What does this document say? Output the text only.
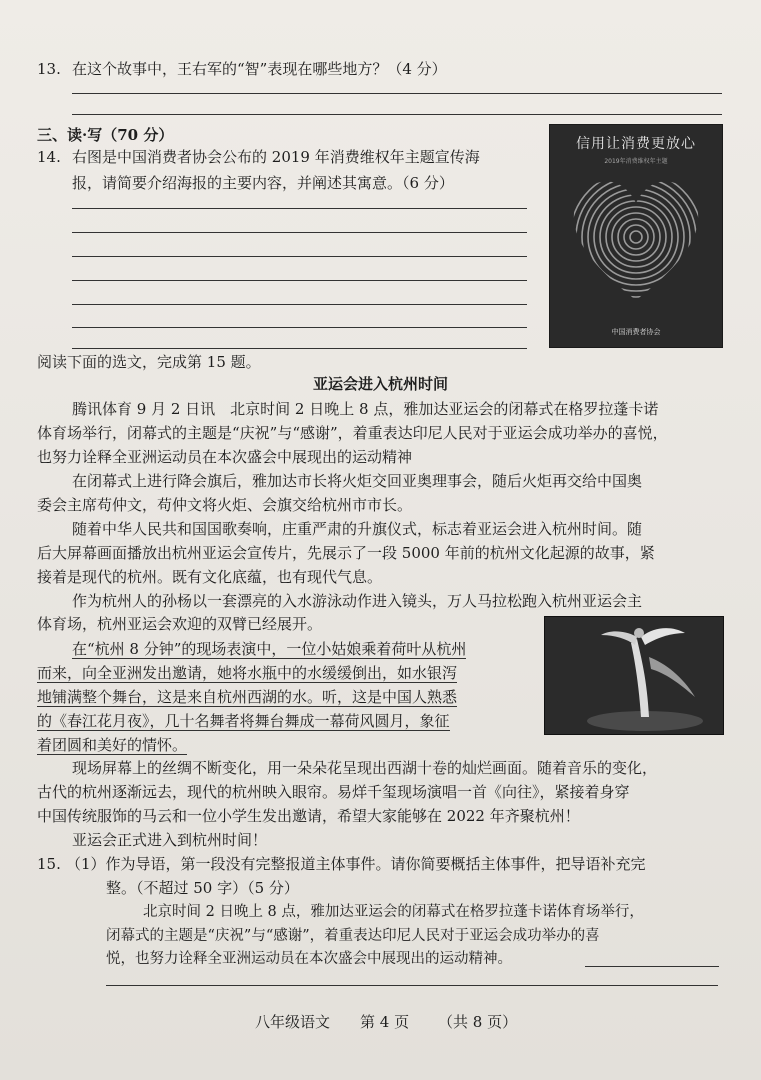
13. 在这个故事中，王右军的“智”表现在哪些地方？（4 分）
三、读·写（70 分）
14. 右图是中国消费者协会公布的 2019 年消费维权年主题宣传海
报，请简要介绍海报的主要内容，并阐述其寓意。（6 分）
信用让消费更放心
2019年消费维权年主题
中国消费者协会
阅读下面的选文，完成第 15 题。
亚运会进入杭州时间
腾讯体育 9 月 2 日讯　北京时间 2 日晚上 8 点，雅加达亚运会的闭幕式在格罗拉蓬卡诺
体育场举行，闭幕式的主题是“庆祝”与“感谢”，着重表达印尼人民对于亚运会成功举办的喜悦，
也努力诠释全亚洲运动员在本次盛会中展现出的运动精神
在闭幕式上进行降会旗后，雅加达市长将火炬交回亚奥理事会，随后火炬再交给中国奥
委会主席苟仲文，苟仲文将火炬、会旗交给杭州市市长。
随着中华人民共和国国歌奏响，庄重严肃的升旗仪式，标志着亚运会进入杭州时间。随
后大屏幕画面播放出杭州亚运会宣传片，先展示了一段 5000 年前的杭州文化起源的故事，紧
接着是现代的杭州。既有文化底蕴，也有现代气息。
作为杭州人的孙杨以一套漂亮的入水游泳动作进入镜头，万人马拉松跑入杭州亚运会主
体育场，杭州亚运会欢迎的双臂已经展开。
在“杭州 8 分钟”的现场表演中，一位小姑娘乘着荷叶从杭州
而来，向全亚洲发出邀请，她将水瓶中的水缓缓倒出，如水银泻
地铺满整个舞台，这是来自杭州西湖的水。听，这是中国人熟悉
的《春江花月夜》，几十名舞者将舞台舞成一幕荷风圆月，象征
着团圆和美好的情怀。
现场屏幕上的丝绸不断变化，用一朵朵花呈现出西湖十卷的灿烂画面。随着音乐的变化，
古代的杭州逐渐远去，现代的杭州映入眼帘。易烊千玺现场演唱一首《向往》，紧接着身穿
中国传统服饰的马云和一位小学生发出邀请，希望大家能够在 2022 年齐聚杭州！
亚运会正式进入到杭州时间！
15. （1）作为导语，第一段没有完整报道主体事件。请你简要概括主体事件，把导语补充完
整。（不超过 50 字）（5 分）
北京时间 2 日晚上 8 点，雅加达亚运会的闭幕式在格罗拉蓬卡诺体育场举行，
闭幕式的主题是“庆祝”与“感谢”，着重表达印尼人民对于亚运会成功举办的喜
悦，也努力诠释全亚洲运动员在本次盛会中展现出的运动精神。
八年级语文 第 4 页 （共 8 页）
